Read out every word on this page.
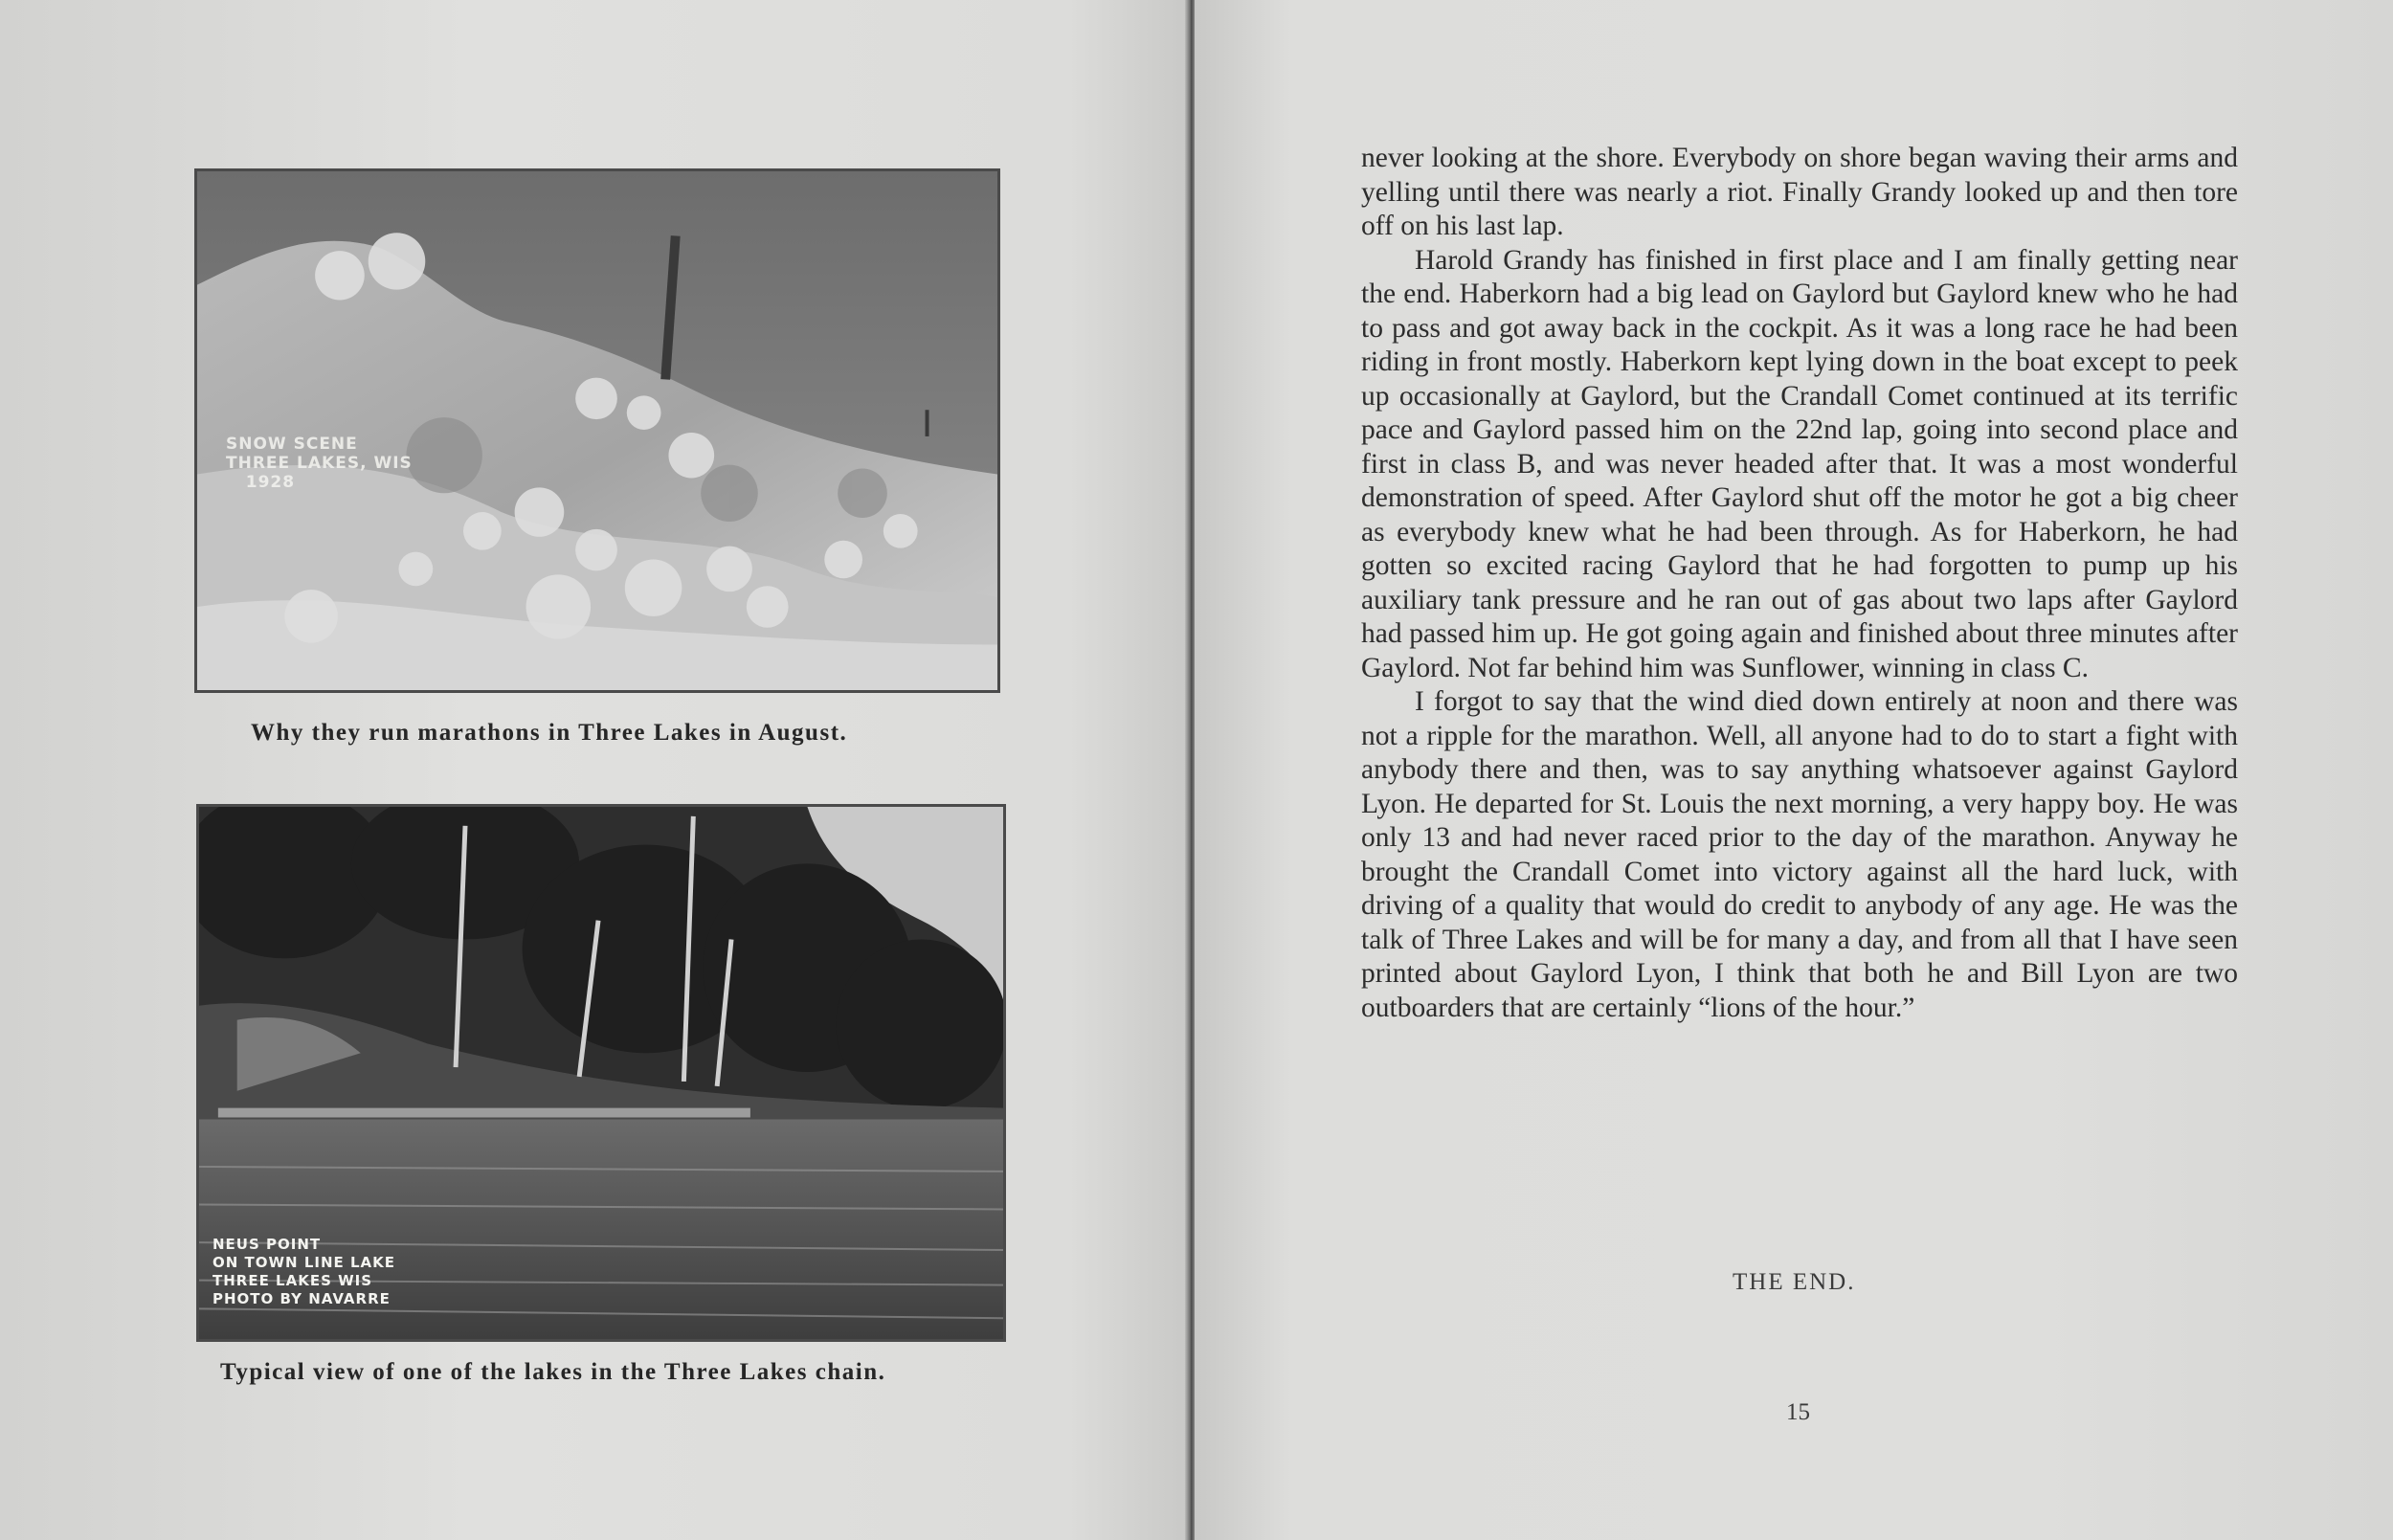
SNOW SCENE
THREE LAKES, WIS
1928
Why they run marathons in Three Lakes in August.
NEUS POINT
ON TOWN LINE LAKE
THREE LAKES WIS
PHOTO BY NAVARRE
Typical view of one of the lakes in the Three Lakes chain.

never looking at the shore. Everybody on shore began waving their arms and yelling until there was nearly a riot. Finally Grandy looked up and then tore off on his last lap.

Harold Grandy has finished in first place and I am finally getting near the end. Haberkorn had a big lead on Gaylord but Gaylord knew who he had to pass and got away back in the cockpit. As it was a long race he had been riding in front mostly. Haberkorn kept lying down in the boat except to peek up occasionally at Gaylord, but the Crandall Comet continued at its terrific pace and Gaylord passed him on the 22nd lap, going into second place and first in class B, and was never headed after that. It was a most wonderful demonstration of speed. After Gaylord shut off the motor he got a big cheer as everybody knew what he had been through. As for Haberkorn, he had gotten so excited racing Gaylord that he had forgotten to pump up his auxiliary tank pressure and he ran out of gas about two laps after Gaylord had passed him up. He got going again and finished about three minutes after Gaylord. Not far behind him was Sunflower, winning in class C.

I forgot to say that the wind died down entirely at noon and there was not a ripple for the marathon. Well, all anyone had to do to start a fight with anybody there and then, was to say anything whatsoever against Gaylord Lyon. He departed for St. Louis the next morning, a very happy boy. He was only 13 and had never raced prior to the day of the marathon. Anyway he brought the Crandall Comet into victory against all the hard luck, with driving of a quality that would do credit to anybody of any age. He was the talk of Three Lakes and will be for many a day, and from all that I have seen printed about Gaylord Lyon, I think that both he and Bill Lyon are two outboarders that are certainly “lions of the hour.”

THE END.
15
